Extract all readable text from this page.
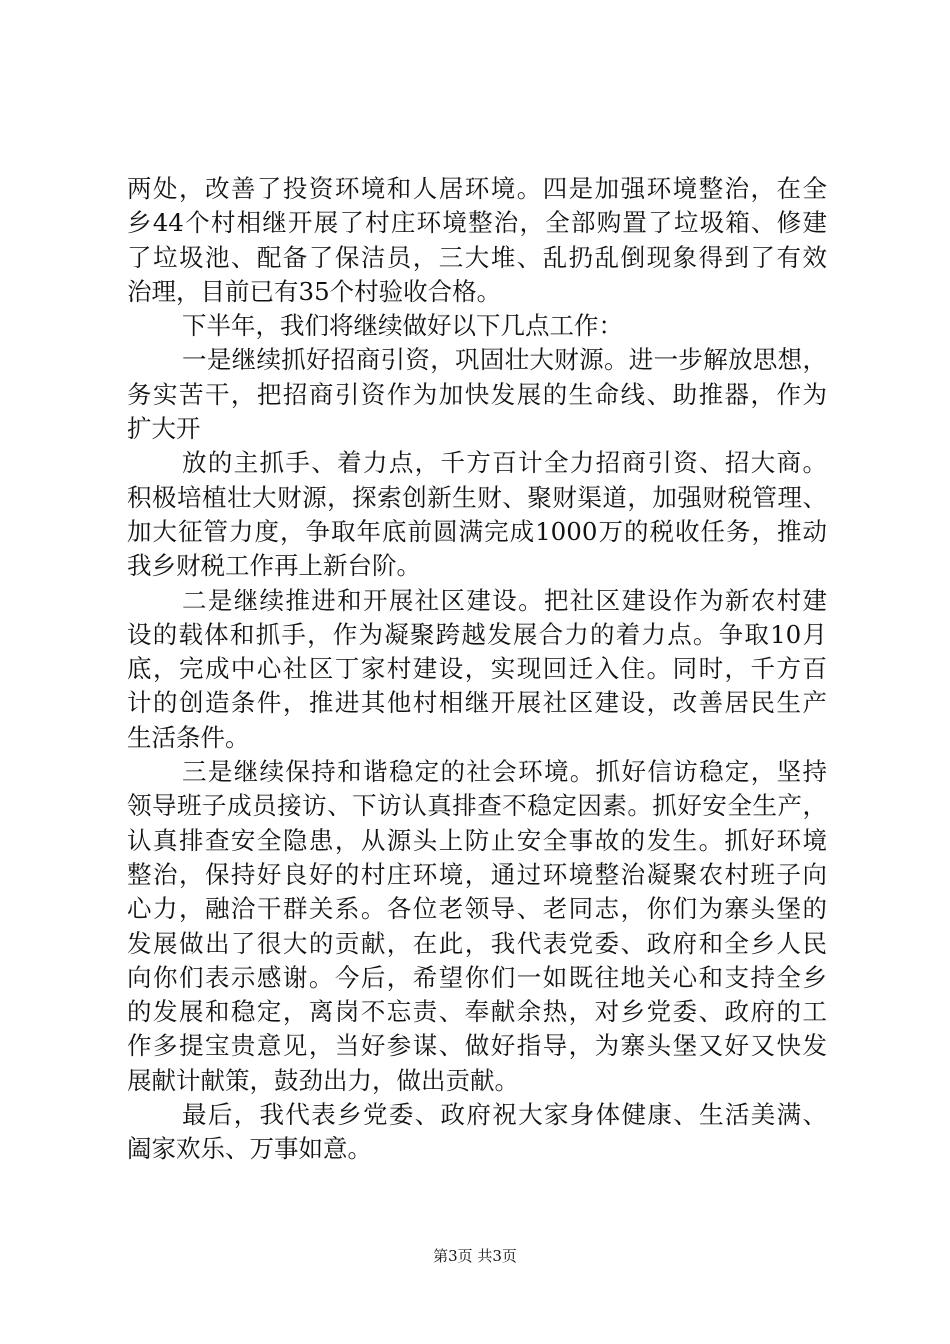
两处，改善了投资环境和人居环境。四是加强环境整治，在全
乡44个村相继开展了村庄环境整治，全部购置了垃圾箱、修建
了垃圾池、配备了保洁员，三大堆、乱扔乱倒现象得到了有效
治理，目前已有35个村验收合格。
下半年，我们将继续做好以下几点工作：
一是继续抓好招商引资，巩固壮大财源。进一步解放思想，
务实苦干，把招商引资作为加快发展的生命线、助推器，作为
扩大开
放的主抓手、着力点，千方百计全力招商引资、招大商。
积极培植壮大财源，探索创新生财、聚财渠道，加强财税管理、
加大征管力度，争取年底前圆满完成1000万的税收任务，推动
我乡财税工作再上新台阶。
二是继续推进和开展社区建设。把社区建设作为新农村建
设的载体和抓手，作为凝聚跨越发展合力的着力点。争取10月
底，完成中心社区丁家村建设，实现回迁入住。同时，千方百
计的创造条件，推进其他村相继开展社区建设，改善居民生产
生活条件。
三是继续保持和谐稳定的社会环境。抓好信访稳定，坚持
领导班子成员接访、下访认真排查不稳定因素。抓好安全生产，
认真排查安全隐患，从源头上防止安全事故的发生。抓好环境
整治，保持好良好的村庄环境，通过环境整治凝聚农村班子向
心力，融洽干群关系。各位老领导、老同志，你们为寨头堡的
发展做出了很大的贡献，在此，我代表党委、政府和全乡人民
向你们表示感谢。今后，希望你们一如既往地关心和支持全乡
的发展和稳定，离岗不忘责、奉献余热，对乡党委、政府的工
作多提宝贵意见，当好参谋、做好指导，为寨头堡又好又快发
展献计献策，鼓劲出力，做出贡献。
最后，我代表乡党委、政府祝大家身体健康、生活美满、
阖家欢乐、万事如意。
第3页 共3页
